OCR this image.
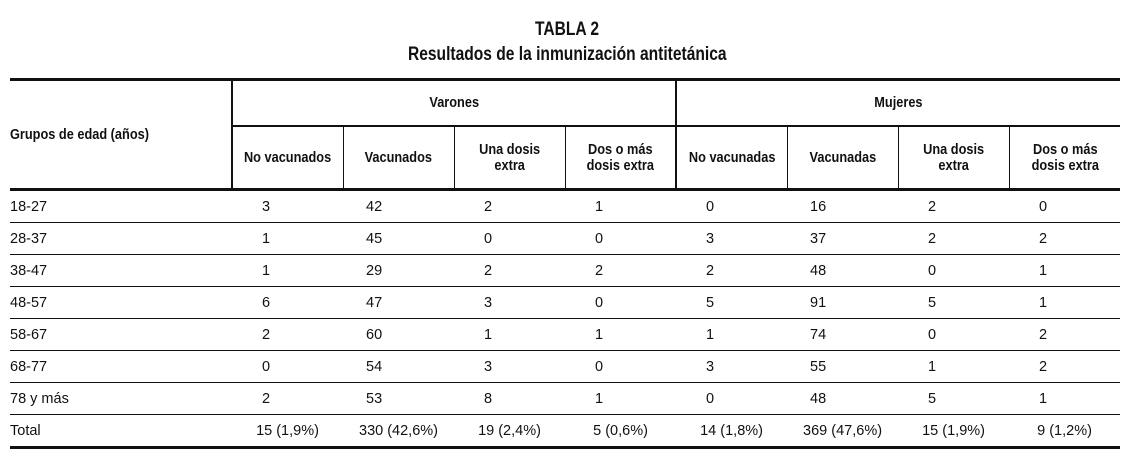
TABLA 2
Resultados de la inmunización antitetánica
Grupos de edad (años)	Varones				Mujeres			
	No vacunados	Vacunados	Una dosis
extra	Dos o más
dosis extra	No vacunadas	Vacunadas	Una dosis
extra	Dos o más
dosis extra
18-27	3	42	2	1	0	16	2	0
28-37	1	45	0	0	3	37	2	2
38-47	1	29	2	2	2	48	0	1
48-57	6	47	3	0	5	91	5	1
58-67	2	60	1	1	1	74	0	2
68-77	0	54	3	0	3	55	1	2
78 y más	2	53	8	1	0	48	5	1
Total	15 (1,9%)	330 (42,6%)	19 (2,4%)	5 (0,6%)	14 (1,8%)	369 (47,6%)	15 (1,9%)	9 (1,2%)
